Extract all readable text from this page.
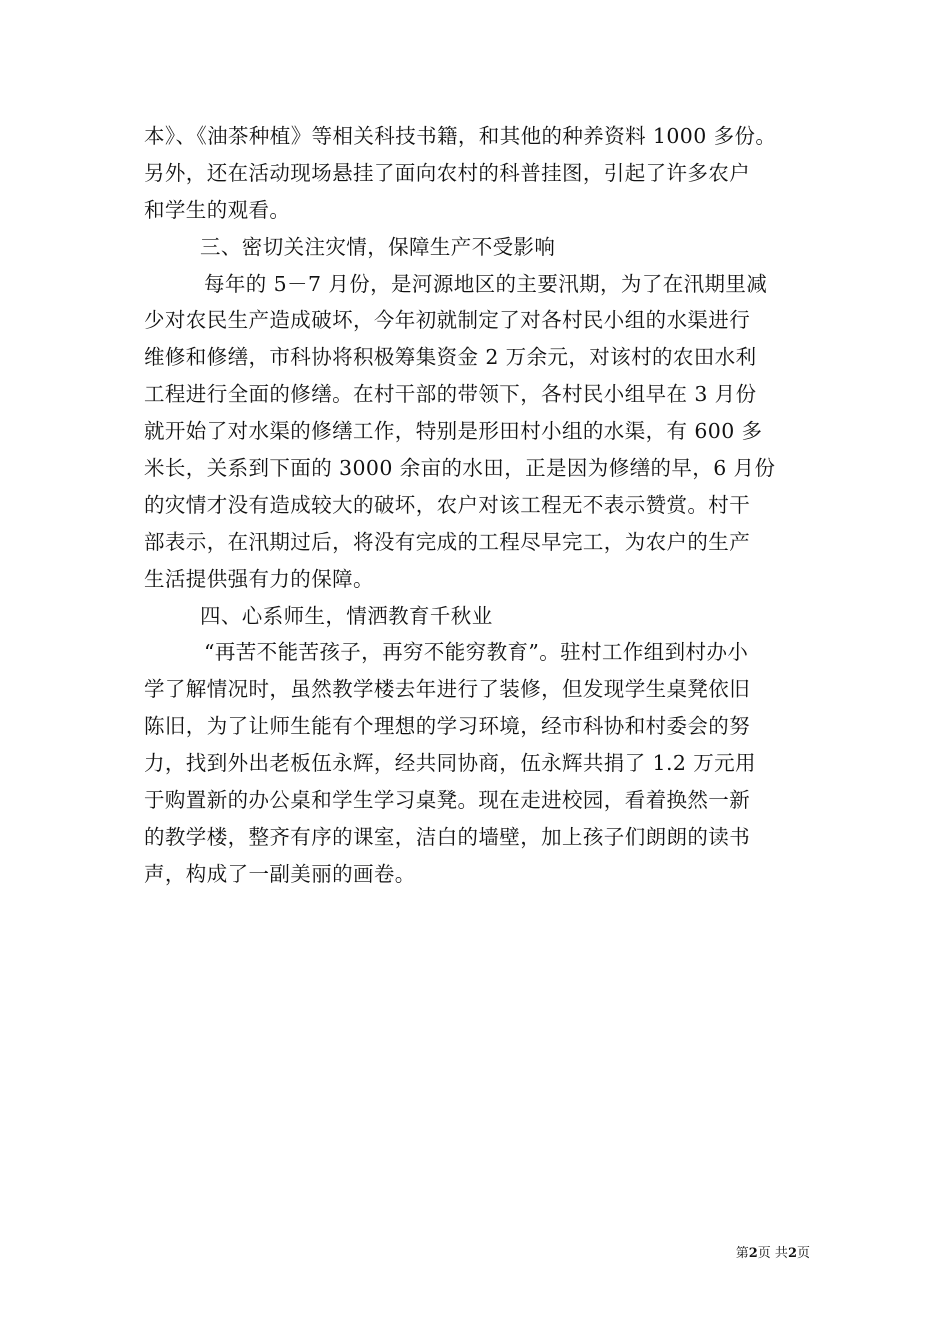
本》、《油茶种植》等相关科技书籍，和其他的种养资料 1000 多份。
另外，还在活动现场悬挂了面向农村的科普挂图，引起了许多农户
和学生的观看。
三、密切关注灾情，保障生产不受影响
每年的 5－7 月份，是河源地区的主要汛期，为了在汛期里减
少对农民生产造成破坏，今年初就制定了对各村民小组的水渠进行
维修和修缮，市科协将积极筹集资金 2 万余元，对该村的农田水利
工程进行全面的修缮。在村干部的带领下，各村民小组早在 3 月份
就开始了对水渠的修缮工作，特别是形田村小组的水渠，有 600 多
米长，关系到下面的 3000 余亩的水田，正是因为修缮的早，6 月份
的灾情才没有造成较大的破坏，农户对该工程无不表示赞赏。村干
部表示，在汛期过后，将没有完成的工程尽早完工，为农户的生产
生活提供强有力的保障。
四、心系师生，情洒教育千秋业
“再苦不能苦孩子，再穷不能穷教育”。驻村工作组到村办小
学了解情况时，虽然教学楼去年进行了装修，但发现学生桌凳依旧
陈旧，为了让师生能有个理想的学习环境，经市科协和村委会的努
力，找到外出老板伍永辉，经共同协商，伍永辉共捐了 1.2 万元用
于购置新的办公桌和学生学习桌凳。现在走进校园，看着换然一新
的教学楼，整齐有序的课室，洁白的墙壁，加上孩子们朗朗的读书
声，构成了一副美丽的画卷。
第2页 共2页
